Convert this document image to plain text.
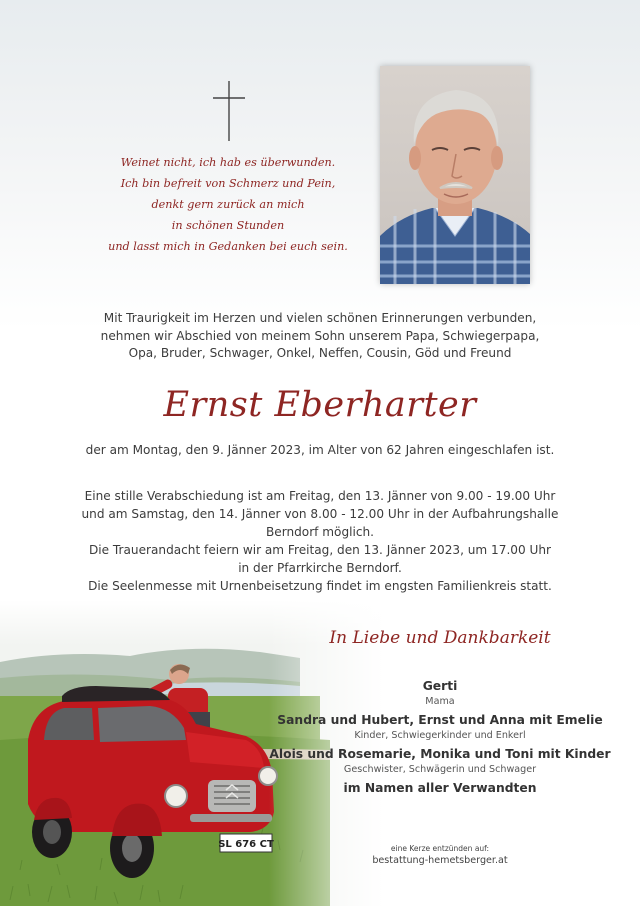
Weinet nicht, ich hab es überwunden.
Ich bin befreit von Schmerz und Pein,
denkt gern zurück an mich
in schönen Stunden
und lasst mich in Gedanken bei euch sein.
Mit Traurigkeit im Herzen und vielen schönen Erinnerungen verbunden,
nehmen wir Abschied von meinem Sohn unserem Papa, Schwiegerpapa,
Opa, Bruder, Schwager, Onkel, Neffen, Cousin, Göd und Freund
Ernst Eberharter
der am Montag, den 9. Jänner 2023, im Alter von 62 Jahren eingeschlafen ist.
Eine stille Verabschiedung ist am Freitag, den 13. Jänner von 9.00 - 19.00 Uhr
und am Samstag, den 14. Jänner von 8.00 - 12.00 Uhr in der Aufbahrungshalle
Berndorf möglich.
Die Trauerandacht feiern wir am Freitag, den 13. Jänner 2023, um 17.00 Uhr
in der Pfarrkirche Berndorf.
Die Seelenmesse mit Urnenbeisetzung findet im engsten Familienkreis statt.
In Liebe und Dankbarkeit
Gerti
Mama
Sandra und Hubert, Ernst und Anna mit Emelie
Kinder, Schwiegerkinder und Enkerl
Alois und Rosemarie, Monika und Toni mit Kinder
Geschwister, Schwägerin und Schwager
im Namen aller Verwandten
eine Kerze entzünden auf:
bestattung-hemetsberger.at
